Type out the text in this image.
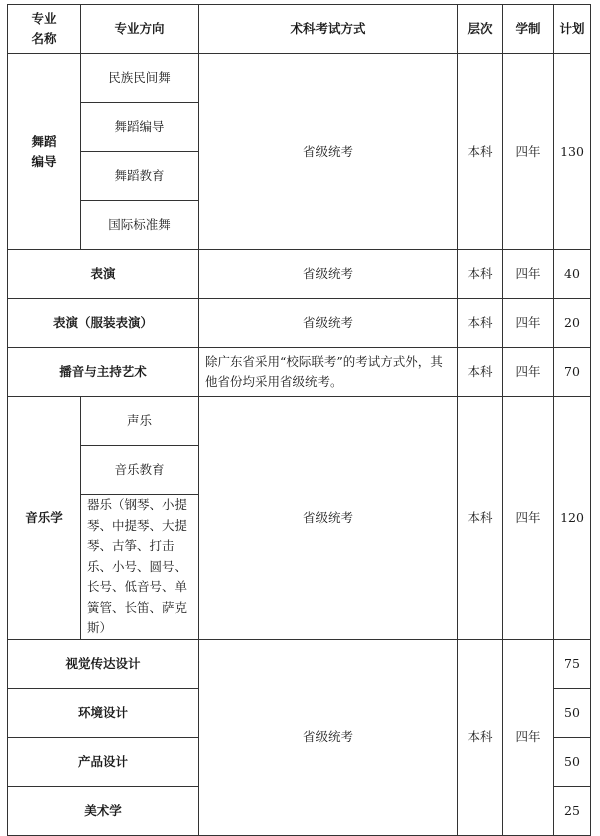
专业名称	专业方向	术科考试方式	层次	学制	计划
舞蹈编导	民族民间舞	省级统考	本科	四年	130
	舞蹈编导				
	舞蹈教育				
	国际标准舞				
表演		省级统考	本科	四年	40
表演（服装表演）		省级统考	本科	四年	20
播音与主持艺术		除广东省采用“校际联考”的考试方式外，其他省份均采用省级统考。	本科	四年	70
音乐学	声乐	省级统考	本科	四年	120
	音乐教育				
	器乐（钢琴、小提琴、中提琴、大提琴、古筝、打击乐、小号、圆号、长号、低音号、单簧管、长笛、萨克斯）				
视觉传达设计		省级统考	本科	四年	75
环境设计					50
产品设计					50
美术学					25
